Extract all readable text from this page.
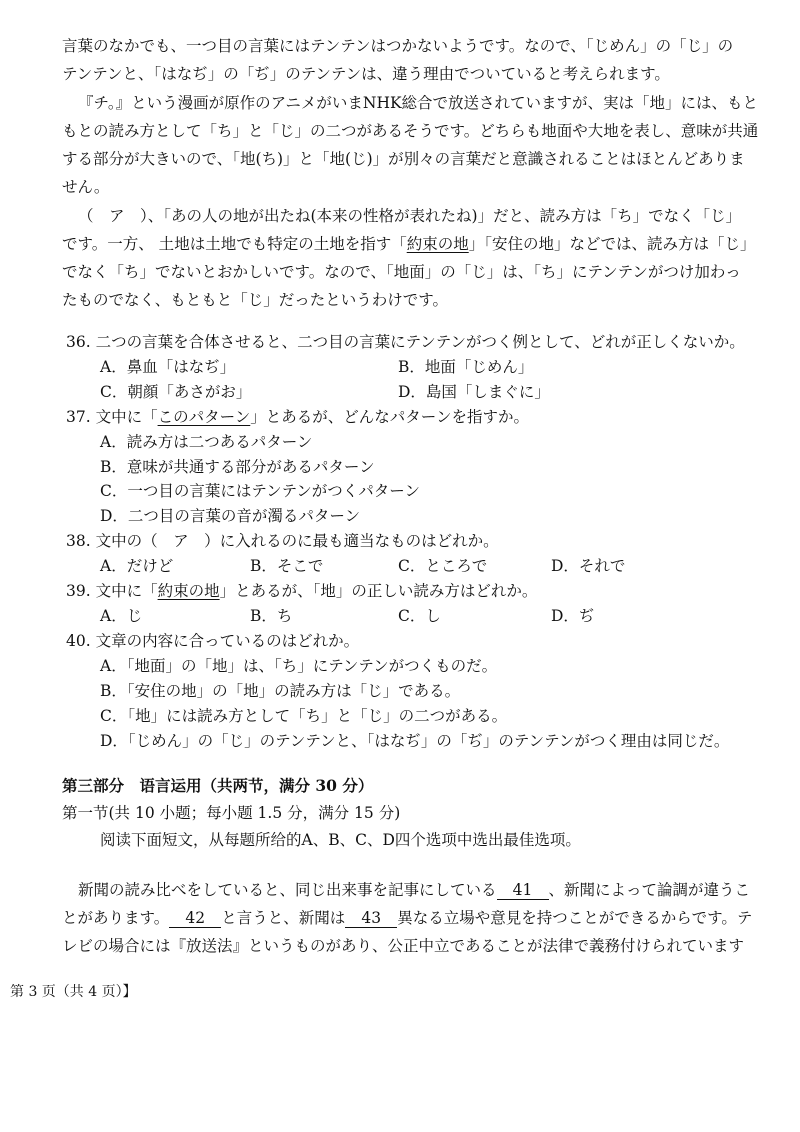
言葉のなかでも、一つ目の言葉にはテンテンはつかないようです。なので、「じめん」の「じ」の
テンテンと、「はなぢ」の「ぢ」のテンテンは、違う理由でついていると考えられます。
『チ。』という漫画が原作のアニメがいまNHK総合で放送されていますが、実は「地」には、もと
もとの読み方として「ち」と「じ」の二つがあるそうです。どちらも地面や大地を表し、意味が共通
する部分が大きいので、「地(ち)」と「地(じ)」が別々の言葉だと意識されることはほとんどありま
せん。
（　ア　）、「あの人の地が出たね(本来の性格が表れたね)」だと、読み方は「ち」でなく「じ」
です。一方、 土地は土地でも特定の土地を指す「約束の地」「安住の地」などでは、読み方は「じ」
でなく「ち」でないとおかしいです。なので、「地面」の「じ」は、「ち」にテンテンがつけ加わっ
たものでなく、もともと「じ」だったというわけです。
36. 二つの言葉を合体させると、二つ目の言葉にテンテンがつく例として、どれが正しくないか。
A．鼻血「はなぢ」	B．地面「じめん」
C．朝顔「あさがお」	D．島国「しまぐに」
37. 文中に「このパターン」とあるが、どんなパターンを指すか。
A．読み方は二つあるパターン
B．意味が共通する部分があるパターン
C．一つ目の言葉にはテンテンがつくパターン
D．二つ目の言葉の音が濁るパターン
38. 文中の（　ア　）に入れるのに最も適当なものはどれか。
A．だけど	B．そこで	C．ところで	D．それで
39. 文中に「約束の地」とあるが、「地」の正しい読み方はどれか。
A．じ	B．ち	C．し	D．ぢ
40. 文章の内容に合っているのはどれか。
A．「地面」の「地」は、「ち」にテンテンがつくものだ。
B．「安住の地」の「地」の読み方は「じ」である。
C．「地」には読み方として「ち」と「じ」の二つがある。
D．「じめん」の「じ」のテンテンと、「はなぢ」の「ぢ」のテンテンがつく理由は同じだ。
第三部分　语言运用（共两节，满分 30 分）
第一节(共 10 小题；每小题 1.5 分，满分 15 分)
阅读下面短文，从每题所给的A、B、C、D四个选项中选出最佳选项。
新聞の読み比べをしていると、同じ出来事を記事にしている 41 、新聞によって論調が違うこ
とがあります。 42 と言うと、新聞は 43 異なる立場や意見を持つことができるからです。テ
レビの場合には『放送法』というものがあり、公正中立であることが法律で義務付けられています
第 3 页（共 4 页）】
